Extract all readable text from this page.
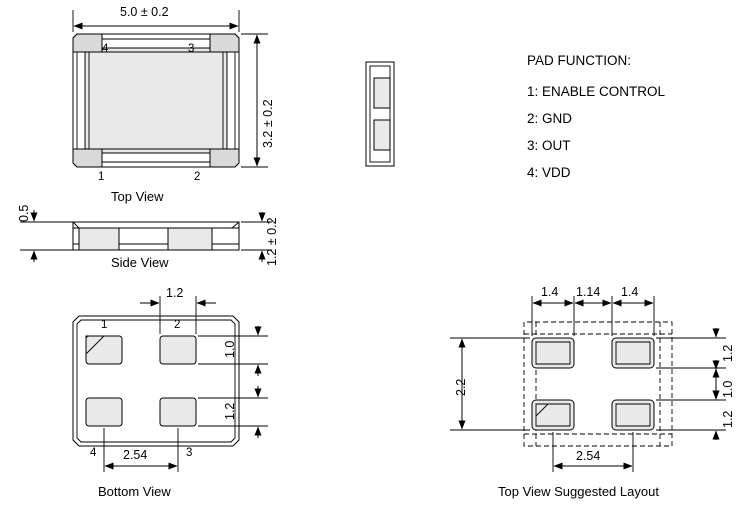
5.0 ± 0.2
4	3
1	2
3.2 ± 0.2
Top View
0.5
1.2 ± 0.2
Side View
1.2
1	2
4	3
1.0
1.2
2.54
Bottom View
1.4 1.14 1.4
2.2
1.2
1.0
1.2
2.54
Top View Suggested Layout
PAD FUNCTION:
1: ENABLE CONTROL
2: GND
3: OUT
4: VDD
